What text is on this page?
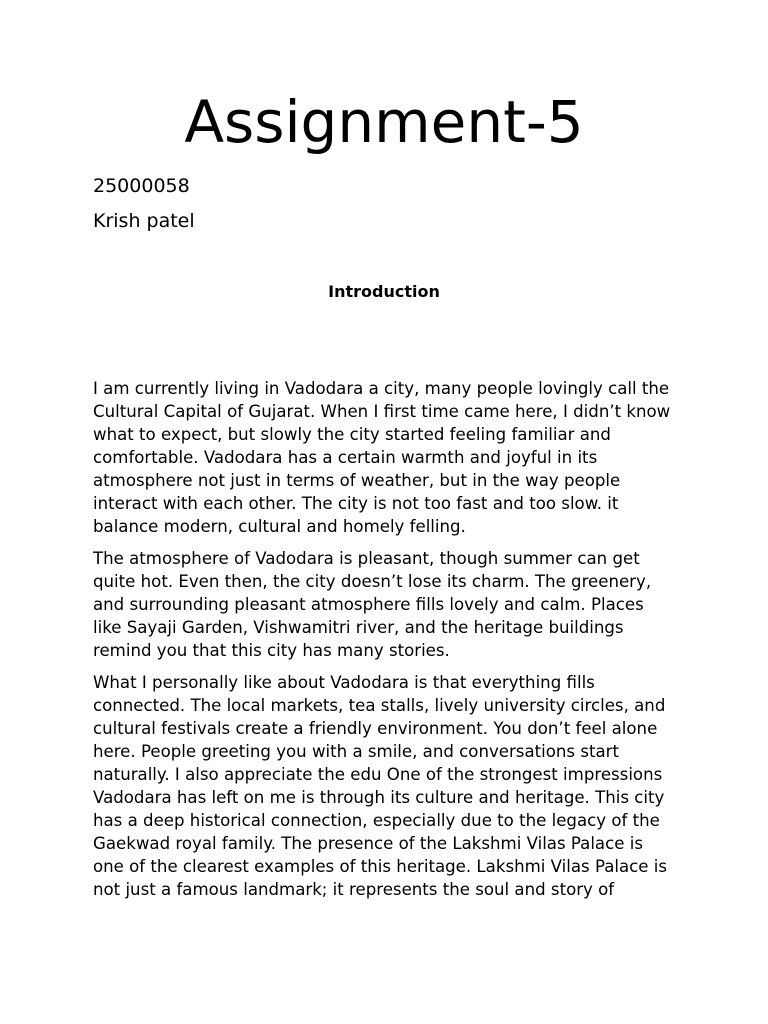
Assignment-5

25000058

Krish patel

Introduction

I am currently living in Vadodara a city, many people lovingly call the Cultural Capital of Gujarat. When I first time came here, I didn’t know what to expect, but slowly the city started feeling familiar and comfortable. Vadodara has a certain warmth and joyful in its atmosphere not just in terms of weather, but in the way people interact with each other. The city is not too fast and too slow. it balance modern, cultural and homely felling.

The atmosphere of Vadodara is pleasant, though summer can get quite hot. Even then, the city doesn’t lose its charm. The greenery, and surrounding pleasant atmosphere fills lovely and calm. Places like Sayaji Garden, Vishwamitri river, and the heritage buildings remind you that this city has many stories.

What I personally like about Vadodara is that everything fills connected. The local markets, tea stalls, lively university circles, and cultural festivals create a friendly environment. You don’t feel alone here. People greeting you with a smile, and conversations start naturally. I also appreciate the edu One of the strongest impressions Vadodara has left on me is through its culture and heritage. This city has a deep historical connection, especially due to the legacy of the Gaekwad royal family. The presence of the Lakshmi Vilas Palace is one of the clearest examples of this heritage. Lakshmi Vilas Palace is not just a famous landmark; it represents the soul and story of
